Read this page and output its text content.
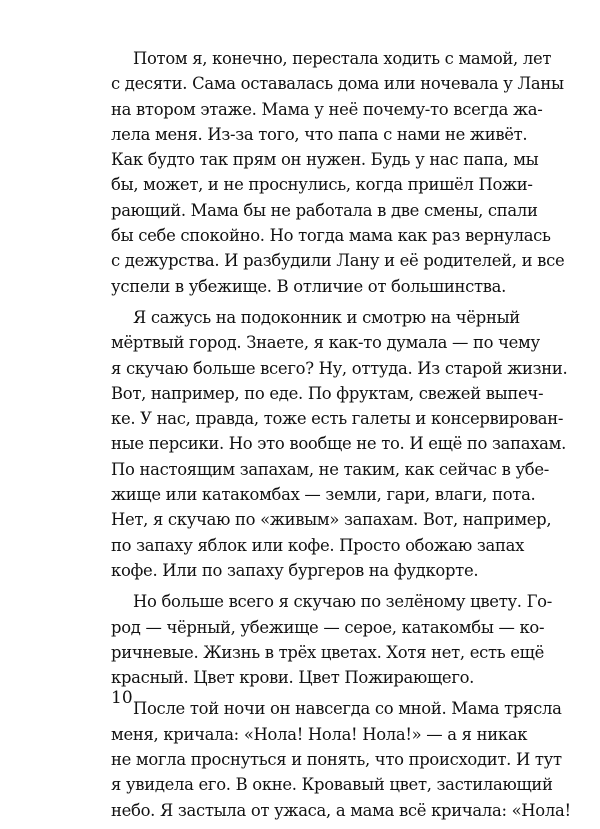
Потом я, конечно, перестала ходить с мамой, лет
с десяти. Сама оставалась дома или ночевала у Ланы
на втором этаже. Мама у неё почему-то всегда жа-
лела меня. Из-за того, что папа с нами не живёт.
Как будто так прям он нужен. Будь у нас папа, мы
бы, может, и не проснулись, когда пришёл Пожи-
рающий. Мама бы не работала в две смены, спали
бы себе спокойно. Но тогда мама как раз вернулась
с дежурства. И разбудили Лану и её родителей, и все
успели в убежище. В отличие от большинства.

Я сажусь на подоконник и смотрю на чёрный
мёртвый город. Знаете, я как-то думала — по чему
я скучаю больше всего? Ну, оттуда. Из старой жизни.
Вот, например, по еде. По фруктам, свежей выпеч-
ке. У нас, правда, тоже есть галеты и консервирован-
ные персики. Но это вообще не то. И ещё по запахам.
По настоящим запахам, не таким, как сейчас в убе-
жище или катакомбах — земли, гари, влаги, пота.
Нет, я скучаю по «живым» запахам. Вот, например,
по запаху яблок или кофе. Просто обожаю запах
кофе. Или по запаху бургеров на фудкорте.

Но больше всего я скучаю по зелёному цвету. Го-
род — чёрный, убежище — серое, катакомбы — ко-
ричневые. Жизнь в трёх цветах. Хотя нет, есть ещё
красный. Цвет крови. Цвет Пожирающего.

После той ночи он навсегда со мной. Мама трясла
меня, кричала: «Нола! Нола! Нола!» — а я никак
не могла проснуться и понять, что происходит. И тут
я увидела его. В окне. Кровавый цвет, застилающий
небо. Я застыла от ужаса, а мама всё кричала: «Нола!

10
